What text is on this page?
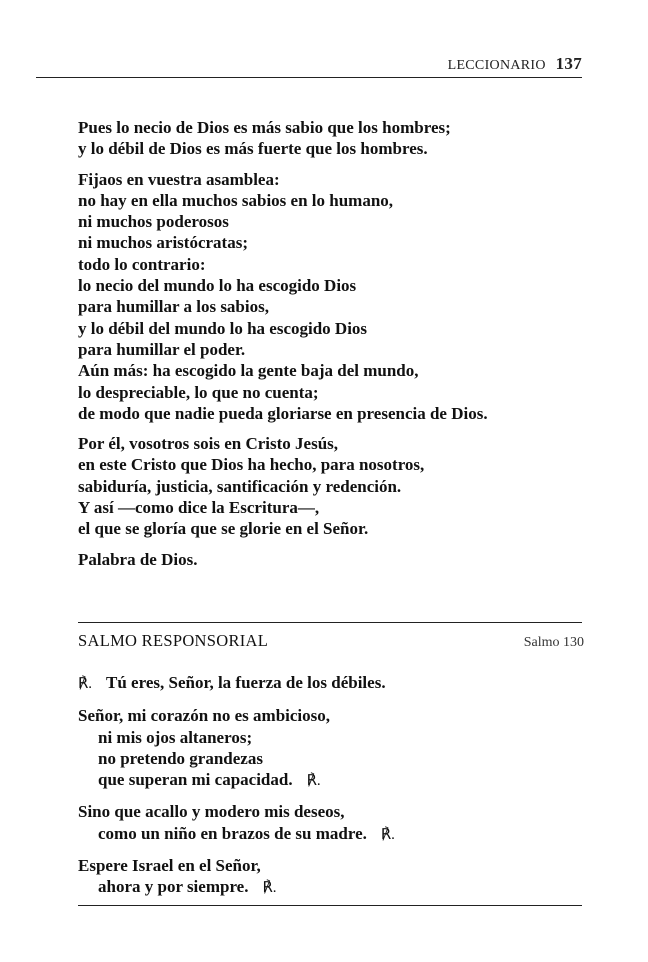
LECCIONARIO 137
Pues lo necio de Dios es más sabio que los hombres;
y lo débil de Dios es más fuerte que los hombres.
Fijaos en vuestra asamblea:
no hay en ella muchos sabios en lo humano,
ni muchos poderosos
ni muchos aristócratas;
todo lo contrario:
lo necio del mundo lo ha escogido Dios
para humillar a los sabios,
y lo débil del mundo lo ha escogido Dios
para humillar el poder.
Aún más: ha escogido la gente baja del mundo,
lo despreciable, lo que no cuenta;
de modo que nadie pueda gloriarse en presencia de Dios.
Por él, vosotros sois en Cristo Jesús,
en este Cristo que Dios ha hecho, para nosotros,
sabiduría, justicia, santificación y redención.
Y así —como dice la Escritura—,
el que se gloría que se glorie en el Señor.
Palabra de Dios.
SALMO RESPONSORIAL	Salmo 130
℟. Tú eres, Señor, la fuerza de los débiles.
Señor, mi corazón no es ambicioso,
ni mis ojos altaneros;
no pretendo grandezas
que superan mi capacidad. ℟.
Sino que acallo y modero mis deseos,
como un niño en brazos de su madre. ℟.
Espere Israel en el Señor,
ahora y por siempre. ℟.
